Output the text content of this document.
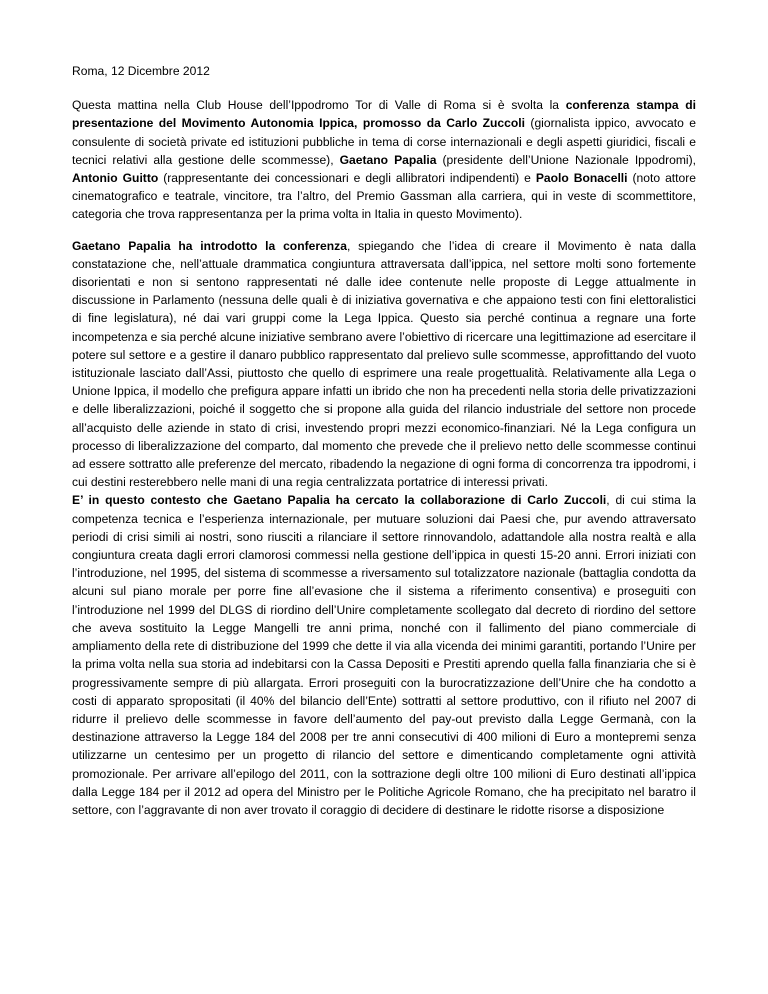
Roma, 12 Dicembre 2012

Questa mattina nella Club House dell’Ippodromo Tor di Valle di Roma si è svolta la conferenza stampa di presentazione del Movimento Autonomia Ippica, promosso da Carlo Zuccoli (giornalista ippico, avvocato e consulente di società private ed istituzioni pubbliche in tema di corse internazionali e degli aspetti giuridici, fiscali e tecnici relativi alla gestione delle scommesse), Gaetano Papalia (presidente dell’Unione Nazionale Ippodromi), Antonio Guitto (rappresentante dei concessionari e degli allibratori indipendenti) e Paolo Bonacelli (noto attore cinematografico e teatrale, vincitore, tra l’altro, del Premio Gassman alla carriera, qui in veste di scommettitore, categoria che trova rappresentanza per la prima volta in Italia in questo Movimento).

Gaetano Papalia ha introdotto la conferenza, spiegando che l’idea di creare il Movimento è nata dalla constatazione che, nell’attuale drammatica congiuntura attraversata dall’ippica, nel settore molti sono fortemente disorientati e non si sentono rappresentati né dalle idee contenute nelle proposte di Legge attualmente in discussione in Parlamento (nessuna delle quali è di iniziativa governativa e che appaiono testi con fini elettoralistici di fine legislatura), né dai vari gruppi come la Lega Ippica. Questo sia perché continua a regnare una forte incompetenza e sia perché alcune iniziative sembrano avere l’obiettivo di ricercare una legittimazione ad esercitare il potere sul settore e a gestire il danaro pubblico rappresentato dal prelievo sulle scommesse, approfittando del vuoto istituzionale lasciato dall’Assi, piuttosto che quello di esprimere una reale progettualità. Relativamente alla Lega o Unione Ippica, il modello che prefigura appare infatti un ibrido che non ha precedenti nella storia delle privatizzazioni e delle liberalizzazioni, poiché il soggetto che si propone alla guida del rilancio industriale del settore non procede all’acquisto delle aziende in stato di crisi, investendo propri mezzi economico-finanziari. Né la Lega configura un processo di liberalizzazione del comparto, dal momento che prevede che il prelievo netto delle scommesse continui ad essere sottratto alle preferenze del mercato, ribadendo la negazione di ogni forma di concorrenza tra ippodromi, i cui destini resterebbero nelle mani di una regia centralizzata portatrice di interessi privati.

E’ in questo contesto che Gaetano Papalia ha cercato la collaborazione di Carlo Zuccoli, di cui stima la competenza tecnica e l’esperienza internazionale, per mutuare soluzioni dai Paesi che, pur avendo attraversato periodi di crisi simili ai nostri, sono riusciti a rilanciare il settore rinnovandolo, adattandole alla nostra realtà e alla congiuntura creata dagli errori clamorosi commessi nella gestione dell’ippica in questi 15-20 anni. Errori iniziati con l’introduzione, nel 1995, del sistema di scommesse a riversamento sul totalizzatore nazionale (battaglia condotta da alcuni sul piano morale per porre fine all’evasione che il sistema a riferimento consentiva) e proseguiti con l’introduzione nel 1999 del DLGS di riordino dell’Unire completamente scollegato dal decreto di riordino del settore che aveva sostituito la Legge Mangelli tre anni prima, nonché con il fallimento del piano commerciale di ampliamento della rete di distribuzione del 1999 che dette il via alla vicenda dei minimi garantiti, portando l’Unire per la prima volta nella sua storia ad indebitarsi con la Cassa Depositi e Prestiti aprendo quella falla finanziaria che si è progressivamente sempre di più allargata. Errori proseguiti con la burocratizzazione dell’Unire che ha condotto a costi di apparato spropositati (il 40% del bilancio dell’Ente) sottratti al settore produttivo, con il rifiuto nel 2007 di ridurre il prelievo delle scommesse in favore dell’aumento del pay-out previsto dalla Legge Germanà, con la destinazione attraverso la Legge 184 del 2008 per tre anni consecutivi di 400 milioni di Euro a montepremi senza utilizzarne un centesimo per un progetto di rilancio del settore e dimenticando completamente ogni attività promozionale. Per arrivare all’epilogo del 2011, con la sottrazione degli oltre 100 milioni di Euro destinati all’ippica dalla Legge 184 per il 2012 ad opera del Ministro per le Politiche Agricole Romano, che ha precipitato nel baratro il settore, con l’aggravante di non aver trovato il coraggio di decidere di destinare le ridotte risorse a disposizione
